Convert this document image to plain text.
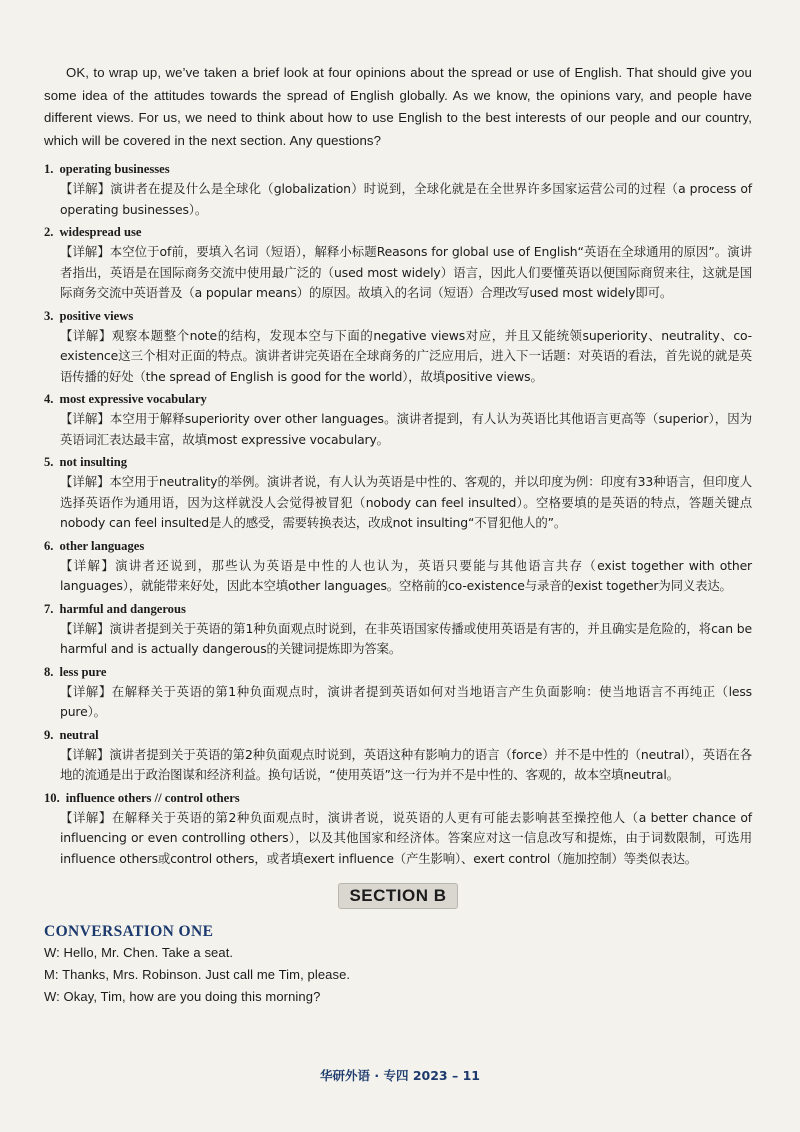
OK, to wrap up, we’ve taken a brief look at four opinions about the spread or use of English. That should give you some idea of the attitudes towards the spread of English globally. As we know, the opinions vary, and people have different views. For us, we need to think about how to use English to the best interests of our people and our country, which will be covered in the next section. Any questions?

1. operating businesses
【详解】演讲者在提及什么是全球化（globalization）时说到，全球化就是在全世界许多国家运营公司的过程（a process of operating businesses）。
2. widespread use
【详解】本空位于of前，要填入名词（短语），解释小标题Reasons for global use of English“英语在全球通用的原因”。演讲者指出，英语是在国际商务交流中使用最广泛的（used most widely）语言，因此人们要懂英语以便国际商贸来往，这就是国际商务交流中英语普及（a popular means）的原因。故填入的名词（短语）合理改写used most widely即可。
3. positive views
【详解】观察本题整个note的结构，发现本空与下面的negative views对应，并且又能统领superiority、neutrality、co-existence这三个相对正面的特点。演讲者讲完英语在全球商务的广泛应用后，进入下一话题：对英语的看法，首先说的就是英语传播的好处（the spread of English is good for the world），故填positive views。
4. most expressive vocabulary
【详解】本空用于解释superiority over other languages。演讲者提到，有人认为英语比其他语言更高等（superior），因为英语词汇表达最丰富，故填most expressive vocabulary。
5. not insulting
【详解】本空用于neutrality的举例。演讲者说，有人认为英语是中性的、客观的，并以印度为例：印度有33种语言，但印度人选择英语作为通用语，因为这样就没人会觉得被冒犯（nobody can feel insulted）。空格要填的是英语的特点，答题关键点nobody can feel insulted是人的感受，需要转换表达，改成not insulting“不冒犯他人的”。
6. other languages
【详解】演讲者还说到，那些认为英语是中性的人也认为，英语只要能与其他语言共存（exist together with other languages），就能带来好处，因此本空填other languages。空格前的co-existence与录音的exist together为同义表达。
7. harmful and dangerous
【详解】演讲者提到关于英语的第1种负面观点时说到，在非英语国家传播或使用英语是有害的，并且确实是危险的，将can be harmful and is actually dangerous的关键词提炼即为答案。
8. less pure
【详解】在解释关于英语的第1种负面观点时，演讲者提到英语如何对当地语言产生负面影响：使当地语言不再纯正（less pure）。
9. neutral
【详解】演讲者提到关于英语的第2种负面观点时说到，英语这种有影响力的语言（force）并不是中性的（neutral），英语在各地的流通是出于政治图谋和经济利益。换句话说，“使用英语”这一行为并不是中性的、客观的，故本空填neutral。
10. influence others // control others
【详解】在解释关于英语的第2种负面观点时，演讲者说，说英语的人更有可能去影响甚至操控他人（a better chance of influencing or even controlling others），以及其他国家和经济体。答案应对这一信息改写和提炼，由于词数限制，可选用influence others或control others，或者填exert influence（产生影响）、exert control（施加控制）等类似表达。
SECTION B
CONVERSATION ONE
W: Hello, Mr. Chen. Take a seat.
M: Thanks, Mrs. Robinson. Just call me Tim, please.
W: Okay, Tim, how are you doing this morning?
华研外语 · 专四 2023 – 11
